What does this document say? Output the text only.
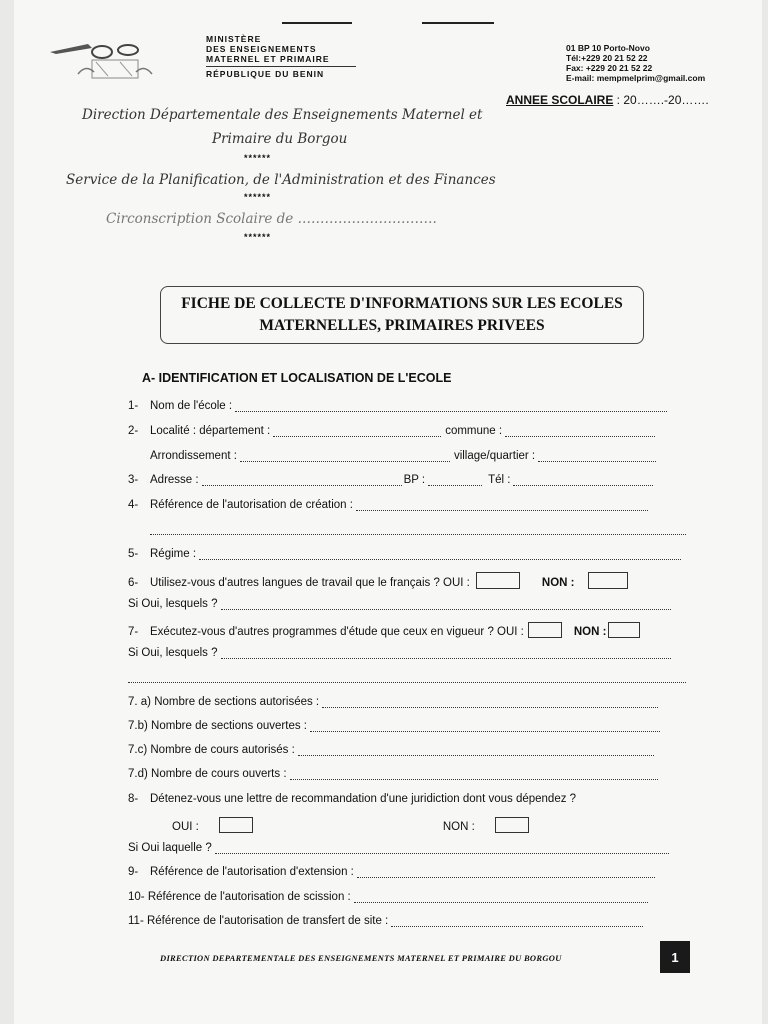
MINISTÈRE
DES ENSEIGNEMENTS
MATERNEL ET PRIMAIRE
RÉPUBLIQUE DU BENIN
01 BP 10 Porto-Novo
Tél:+229 20 21 52 22
Fax: +229 20 21 52 22
E-mail: mempmelprim@gmail.com
ANNEE SCOLAIRE : 20…….-20…….
Direction Départementale des Enseignements Maternel et
Primaire du Borgou
******
Service de la Planification, de l'Administration et des Finances
******
Circonscription Scolaire de ………………………….
******
FICHE DE COLLECTE D'INFORMATIONS SUR LES ECOLES
MATERNELLES, PRIMAIRES PRIVEES
A- IDENTIFICATION ET LOCALISATION DE L'ECOLE
1-	Nom de l'école :
2-	Localité : département :	commune :
Arrondissement :	village/quartier :
3-	Adresse :	BP :	Tél :
4-	Référence de l'autorisation de création :
5-	Régime :
6-	Utilisez-vous d'autres langues de travail que le français ? OUI :	NON :
Si Oui, lesquels ?
7-	Exécutez-vous d'autres programmes d'étude que ceux en vigueur ? OUI :	NON :
Si Oui, lesquels ?
7. a) Nombre de sections autorisées :
7.b) Nombre de sections ouvertes :
7.c) Nombre de cours autorisés :
7.d) Nombre de cours ouverts :
8-	Détenez-vous une lettre de recommandation d'une juridiction dont vous dépendez ?
OUI :	NON :
Si Oui laquelle ?
9-	Référence de l'autorisation d'extension :
10- Référence de l'autorisation de scission :
11- Référence de l'autorisation de transfert de site :
DIRECTION DEPARTEMENTALE DES ENSEIGNEMENTS MATERNEL ET PRIMAIRE DU BORGOU	1
